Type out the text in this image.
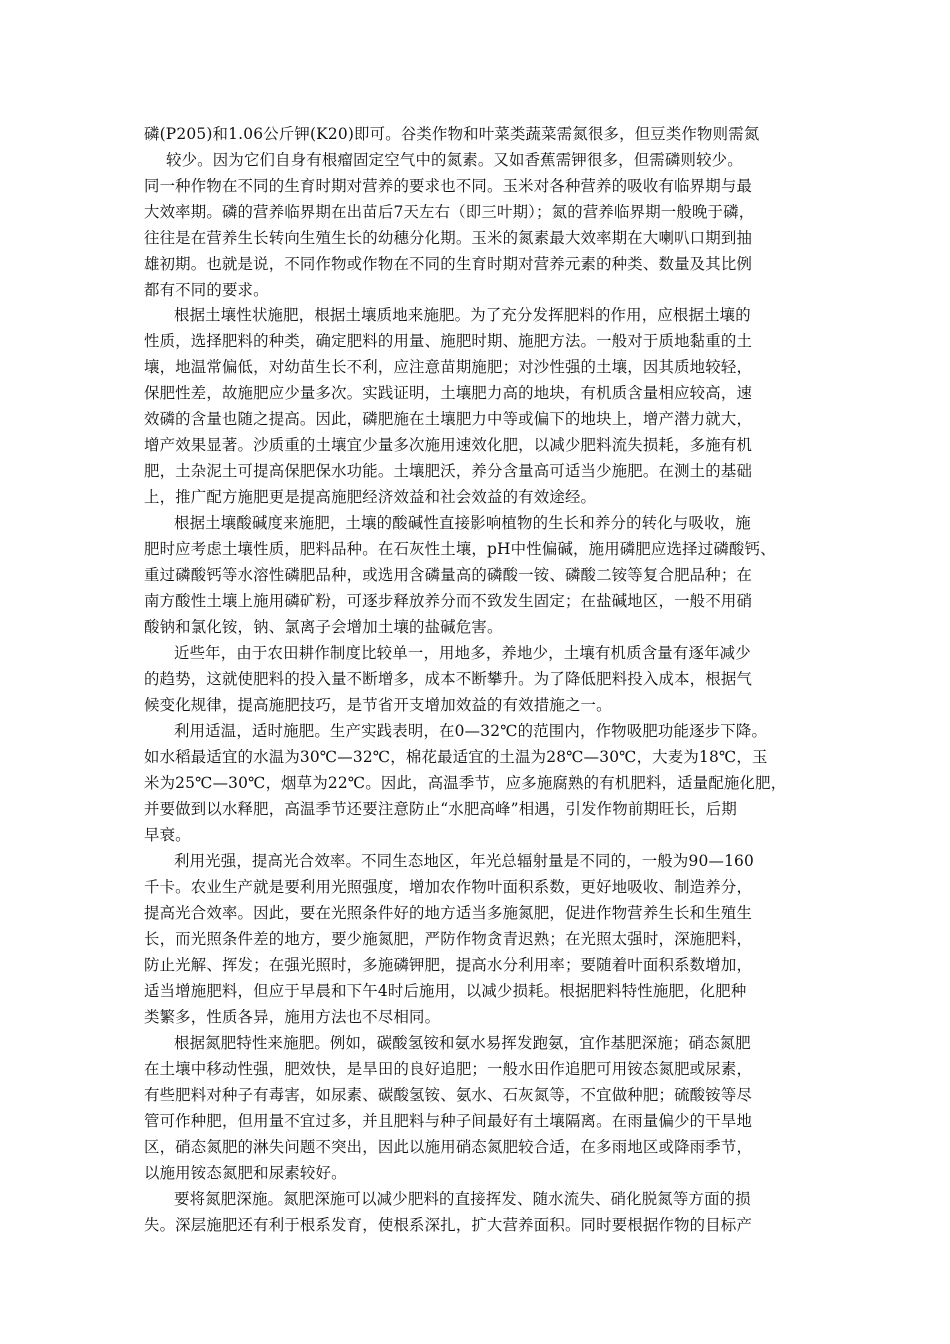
磷(P205)和1.06公斤钾(K20)即可。谷类作物和叶菜类蔬菜需氮很多，但豆类作物则需氮
较少。因为它们自身有根瘤固定空气中的氮素。又如香蕉需钾很多，但需磷则较少。
同一种作物在不同的生育时期对营养的要求也不同。玉米对各种营养的吸收有临界期与最
大效率期。磷的营养临界期在出苗后7天左右（即三叶期）；氮的营养临界期一般晚于磷，
往往是在营养生长转向生殖生长的幼穗分化期。玉米的氮素最大效率期在大喇叭口期到抽
雄初期。也就是说，不同作物或作物在不同的生育时期对营养元素的种类、数量及其比例
都有不同的要求。
根据土壤性状施肥，根据土壤质地来施肥。为了充分发挥肥料的作用，应根据土壤的
性质，选择肥料的种类，确定肥料的用量、施肥时期、施肥方法。一般对于质地黏重的土
壤，地温常偏低，对幼苗生长不利，应注意苗期施肥；对沙性强的土壤，因其质地较轻，
保肥性差，故施肥应少量多次。实践证明，土壤肥力高的地块，有机质含量相应较高，速
效磷的含量也随之提高。因此，磷肥施在土壤肥力中等或偏下的地块上，增产潜力就大，
增产效果显著。沙质重的土壤宜少量多次施用速效化肥，以减少肥料流失损耗，多施有机
肥，土杂泥土可提高保肥保水功能。土壤肥沃，养分含量高可适当少施肥。在测土的基础
上，推广配方施肥更是提高施肥经济效益和社会效益的有效途经。
根据土壤酸碱度来施肥，土壤的酸碱性直接影响植物的生长和养分的转化与吸收，施
肥时应考虑土壤性质，肥料品种。在石灰性土壤，pH中性偏碱，施用磷肥应选择过磷酸钙、
重过磷酸钙等水溶性磷肥品种，或选用含磷量高的磷酸一铵、磷酸二铵等复合肥品种；在
南方酸性土壤上施用磷矿粉，可逐步释放养分而不致发生固定；在盐碱地区，一般不用硝
酸钠和氯化铵，钠、氯离子会增加土壤的盐碱危害。
近些年，由于农田耕作制度比较单一，用地多，养地少，土壤有机质含量有逐年减少
的趋势，这就使肥料的投入量不断增多，成本不断攀升。为了降低肥料投入成本，根据气
候变化规律，提高施肥技巧，是节省开支增加效益的有效措施之一。
利用适温，适时施肥。生产实践表明，在0—32℃的范围内，作物吸肥功能逐步下降。
如水稻最适宜的水温为30℃—32℃，棉花最适宜的土温为28℃—30℃，大麦为18℃，玉
米为25℃—30℃，烟草为22℃。因此，高温季节，应多施腐熟的有机肥料，适量配施化肥，
并要做到以水释肥，高温季节还要注意防止“水肥高峰”相遇，引发作物前期旺长，后期
早衰。
利用光强，提高光合效率。不同生态地区，年光总辐射量是不同的，一般为90—160
千卡。农业生产就是要利用光照强度，增加农作物叶面积系数，更好地吸收、制造养分，
提高光合效率。因此，要在光照条件好的地方适当多施氮肥，促进作物营养生长和生殖生
长，而光照条件差的地方，要少施氮肥，严防作物贪青迟熟；在光照太强时，深施肥料，
防止光解、挥发；在强光照时，多施磷钾肥，提高水分利用率；要随着叶面积系数增加，
适当增施肥料，但应于早晨和下午4时后施用，以减少损耗。根据肥料特性施肥，化肥种
类繁多，性质各异，施用方法也不尽相同。
根据氮肥特性来施肥。例如，碳酸氢铵和氨水易挥发跑氨，宜作基肥深施；硝态氮肥
在土壤中移动性强，肥效快，是旱田的良好追肥；一般水田作追肥可用铵态氮肥或尿素，
有些肥料对种子有毒害，如尿素、碳酸氢铵、氨水、石灰氮等，不宜做种肥；硫酸铵等尽
管可作种肥，但用量不宜过多，并且肥料与种子间最好有土壤隔离。在雨量偏少的干旱地
区，硝态氮肥的淋失问题不突出，因此以施用硝态氮肥较合适，在多雨地区或降雨季节，
以施用铵态氮肥和尿素较好。
要将氮肥深施。氮肥深施可以减少肥料的直接挥发、随水流失、硝化脱氮等方面的损
失。深层施肥还有利于根系发育，使根系深扎，扩大营养面积。同时要根据作物的目标产
